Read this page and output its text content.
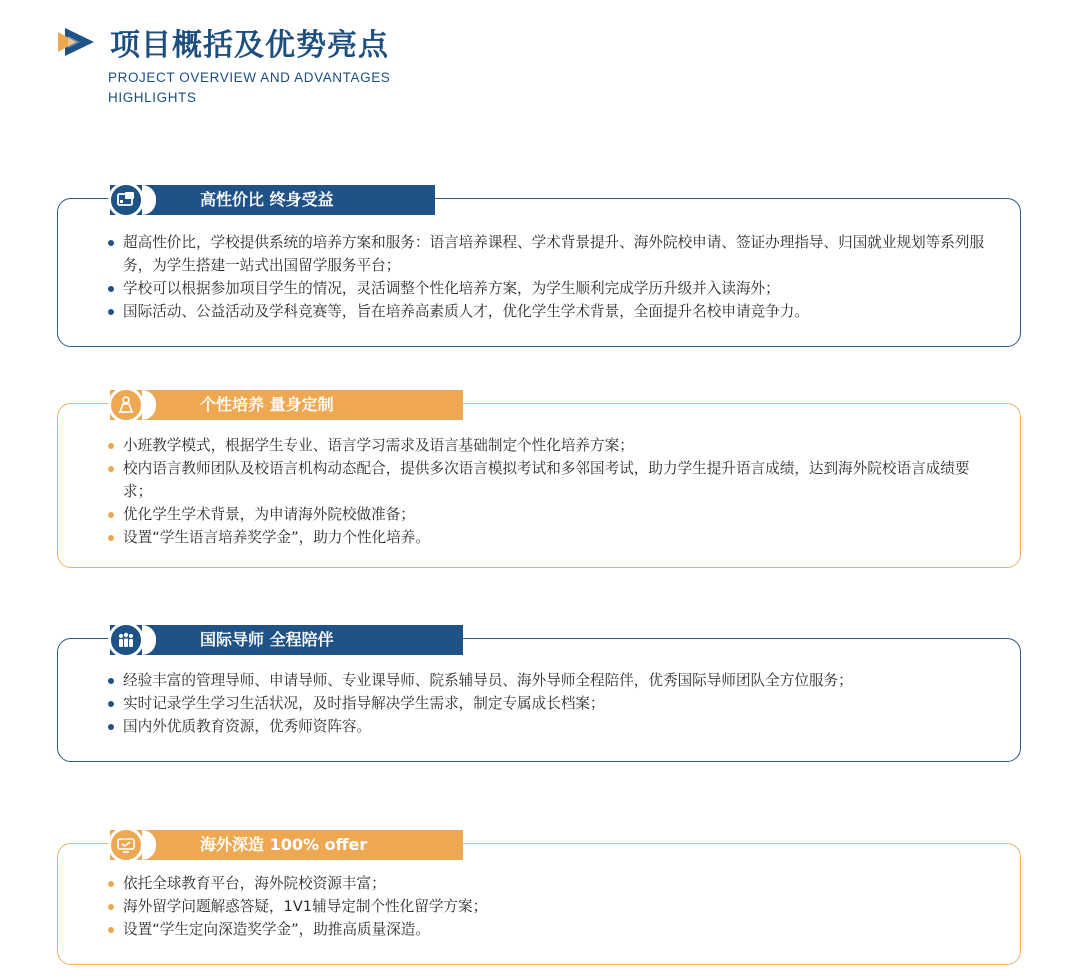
项目概括及优势亮点
PROJECT OVERVIEW AND ADVANTAGES HIGHLIGHTS
高性价比 终身受益
超高性价比，学校提供系统的培养方案和服务：语言培养课程、学术背景提升、海外院校申请、签证办理指导、归国就业规划等系列服务，为学生搭建一站式出国留学服务平台；
学校可以根据参加项目学生的情况，灵活调整个性化培养方案，为学生顺利完成学历升级并入读海外；
国际活动、公益活动及学科竞赛等，旨在培养高素质人才，优化学生学术背景，全面提升名校申请竞争力。
个性培养 量身定制
小班教学模式，根据学生专业、语言学习需求及语言基础制定个性化培养方案；
校内语言教师团队及校语言机构动态配合，提供多次语言模拟考试和多邻国考试，助力学生提升语言成绩，达到海外院校语言成绩要求；
优化学生学术背景，为申请海外院校做准备；
设置“学生语言培养奖学金”，助力个性化培养。
国际导师 全程陪伴
经验丰富的管理导师、申请导师、专业课导师、院系辅导员、海外导师全程陪伴，优秀国际导师团队全方位服务；
实时记录学生学习生活状况，及时指导解决学生需求，制定专属成长档案；
国内外优质教育资源，优秀师资阵容。
海外深造 100% offer
依托全球教育平台，海外院校资源丰富；
海外留学问题解惑答疑，1V1辅导定制个性化留学方案；
设置“学生定向深造奖学金”，助推高质量深造。
